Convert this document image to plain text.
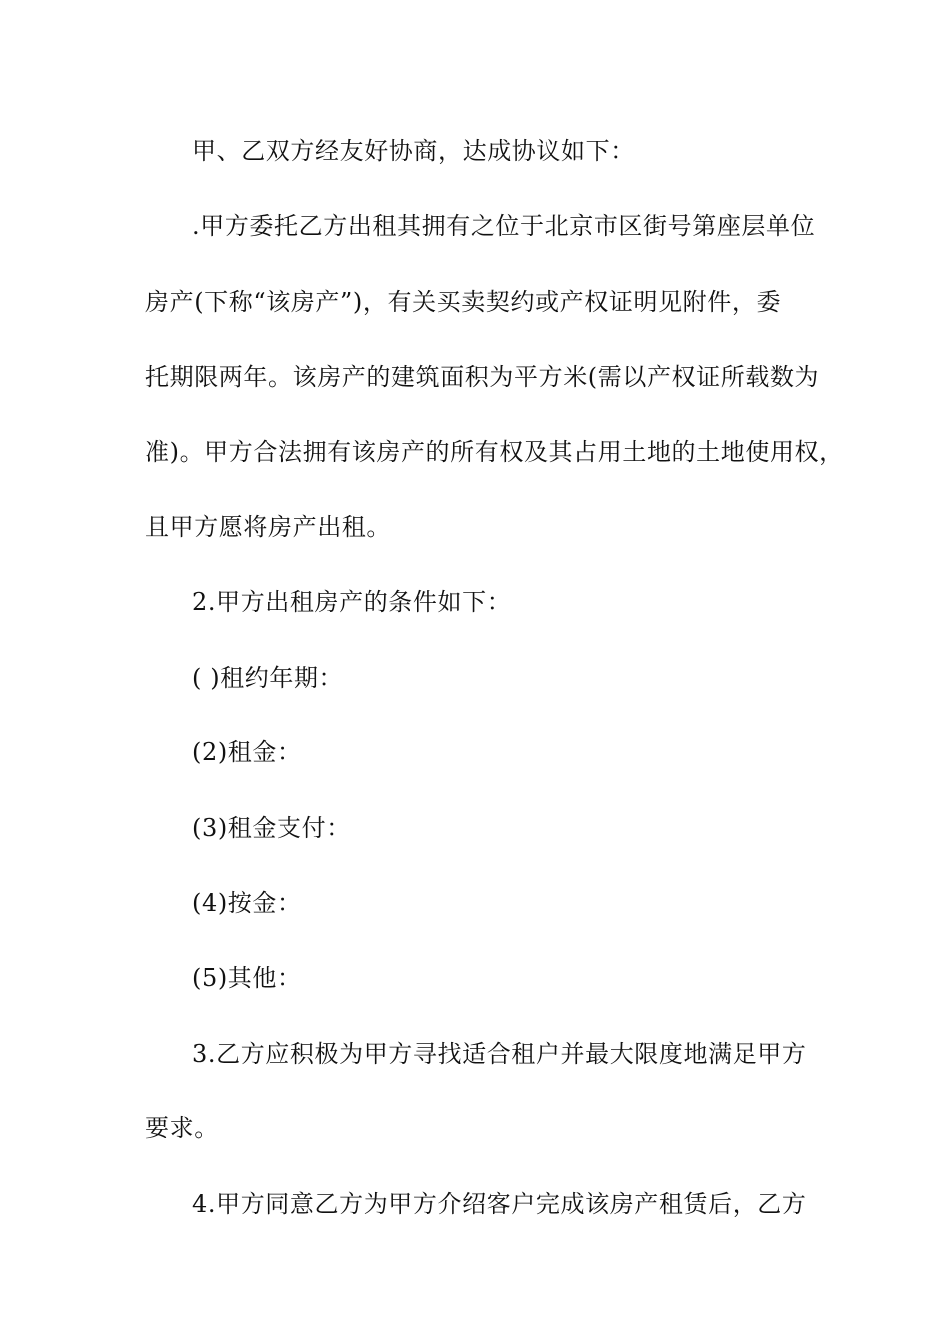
甲、乙双方经友好协商，达成协议如下：
.甲方委托乙方出租其拥有之位于北京市区街号第座层单位
房产(下称“该房产”)，有关买卖契约或产权证明见附件，委
托期限两年。该房产的建筑面积为平方米(需以产权证所载数为
准)。甲方合法拥有该房产的所有权及其占用土地的土地使用权，
且甲方愿将房产出租。
2.甲方出租房产的条件如下：
( )租约年期：
(2)租金：
(3)租金支付：
(4)按金：
(5)其他：
3.乙方应积极为甲方寻找适合租户并最大限度地满足甲方
要求。
4.甲方同意乙方为甲方介绍客户完成该房产租赁后，乙方
